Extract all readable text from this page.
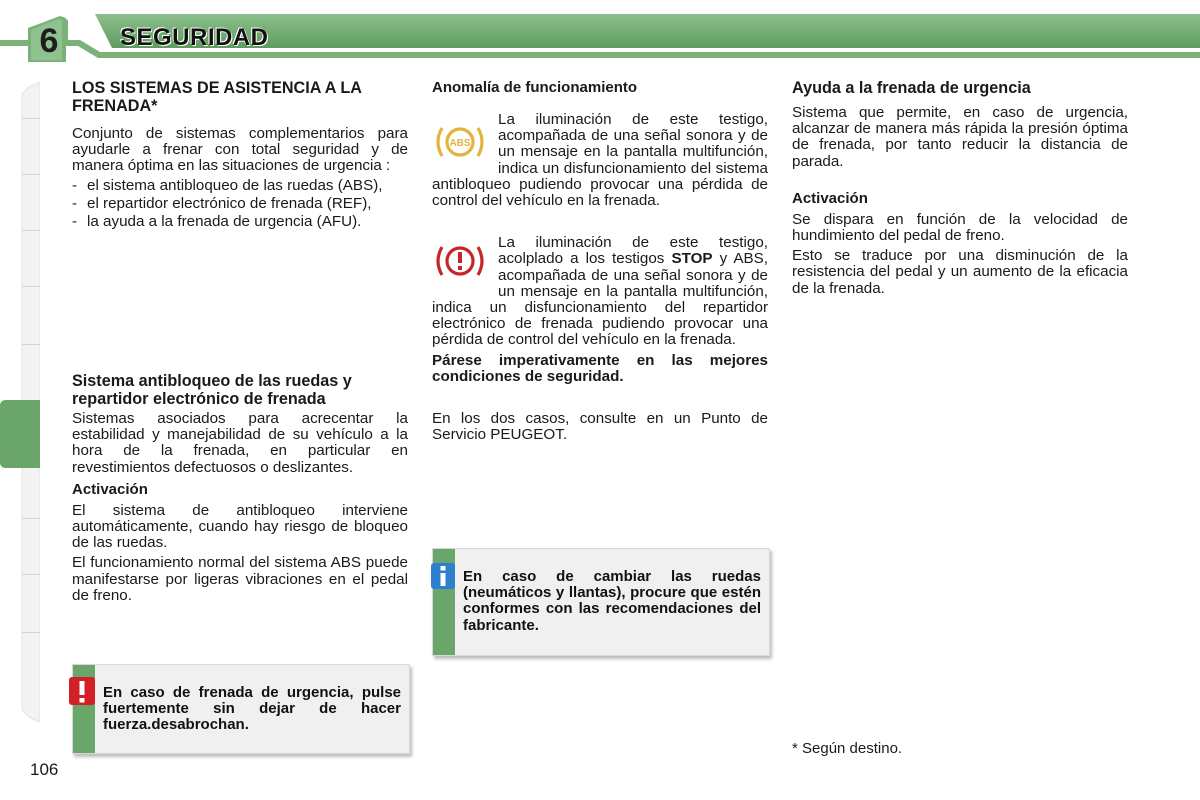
6	SEGURIDAD
LOS SISTEMAS DE ASISTENCIA A LA FRENADA*

Conjunto de sistemas complementarios para ayudarle a frenar con total seguridad y de manera óptima en las situaciones de urgencia :

- el sistema antibloqueo de las ruedas (ABS),
- el repartidor electrónico de frenada (REF),
- la ayuda a la frenada de urgencia (AFU).
Sistema antibloqueo de las ruedas y repartidor electrónico de frenada

Sistemas asociados para acrecentar la estabilidad y manejabilidad de su vehículo a la hora de la frenada, en particular en revestimientos defectuosos o deslizantes.

Activación

El sistema de antibloqueo interviene automáticamente, cuando hay riesgo de bloqueo de las ruedas.

El funcionamiento normal del sistema ABS puede manifestarse por ligeras vibraciones en el pedal de freno.

En caso de frenada de urgencia, pulse fuertemente sin dejar de hacer fuerza.desabrochan.
Anomalía de funcionamiento
ABS

La iluminación de este testigo, acompañada de una señal sonora y de un mensaje en la pantalla multifunción, indica un disfuncionamiento del sistema antibloqueo pudiendo provocar una pérdida de control del vehículo en la frenada.

La iluminación de este testigo, acolplado a los testigos STOP y ABS, acompañada de una señal sonora y de un mensaje en la pantalla multifunción, indica un disfuncionamiento del repartidor electrónico de frenada pudiendo provocar una pérdida de control del vehículo en la frenada.

Párese imperativamente en las mejores condiciones de seguridad.

En los dos casos, consulte en un Punto de Servicio PEUGEOT.

En caso de cambiar las ruedas (neumáticos y llantas), procure que estén conformes con las recomendaciones del fabricante.
Ayuda a la frenada de urgencia

Sistema que permite, en caso de urgencia, alcanzar de manera más rápida la presión óptima de frenada, por tanto reducir la distancia de parada.

Activación

Se dispara en función de la velocidad de hundimiento del pedal de freno.

Esto se traduce por una disminución de la resistencia del pedal y un aumento de la eficacia de la frenada.

* Según destino.
106
